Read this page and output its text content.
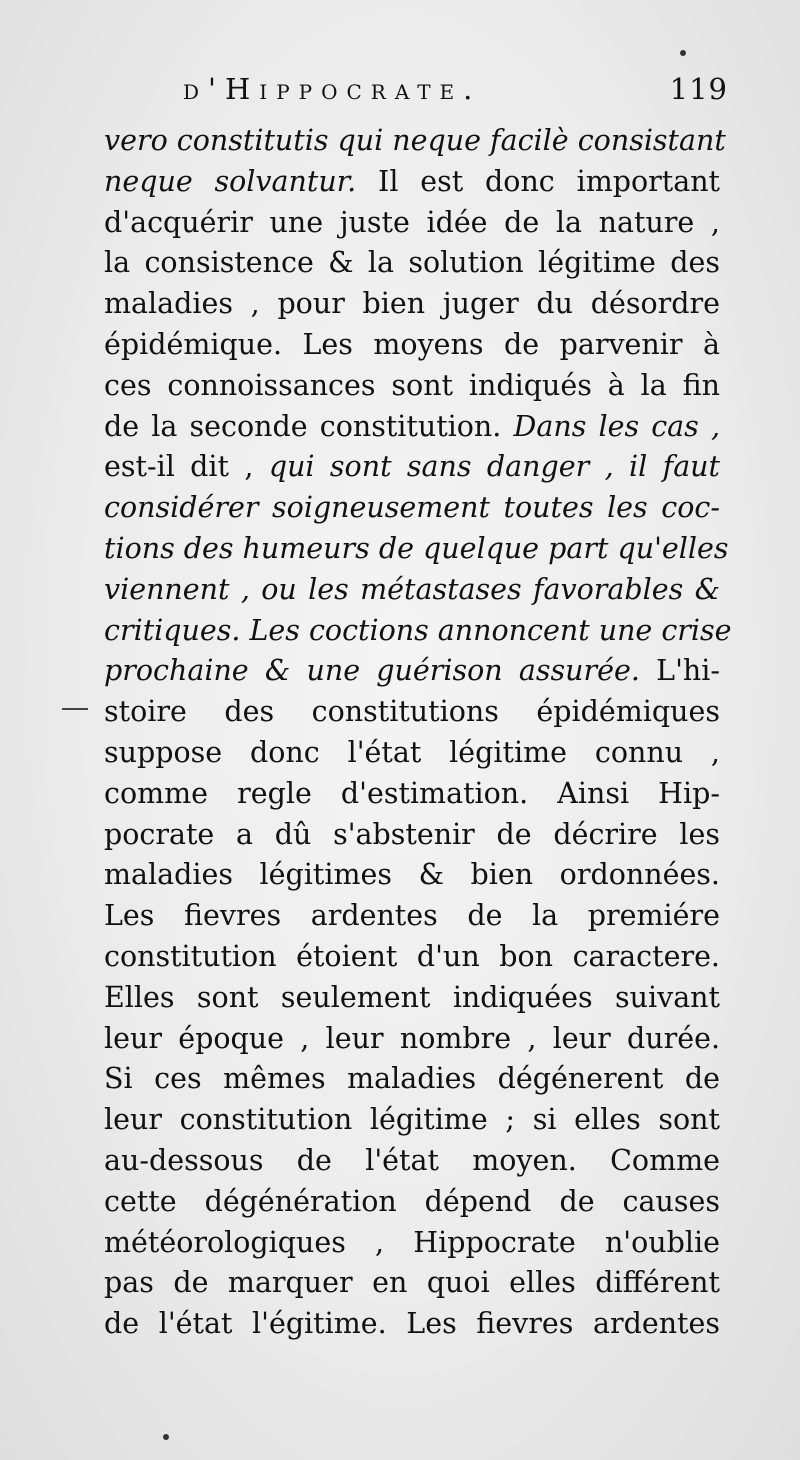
d'Hippocrate.	119
vero constitutis qui neque facilè consistant
neque solvantur. Il est donc important
d'acquérir une juste idée de la nature ,
la consistence & la solution légitime des
maladies , pour bien juger du désordre
épidémique. Les moyens de parvenir à
ces connoissances sont indiqués à la fin
de la seconde constitution. Dans les cas ,
est-il dit , qui sont sans danger , il faut
considérer soigneusement toutes les coc-
tions des humeurs de quelque part qu'elles
viennent , ou les métastases favorables &
critiques. Les coctions annoncent une crise
prochaine & une guérison assurée. L'hi-
stoire des constitutions épidémiques
suppose donc l'état légitime connu ,
comme regle d'estimation. Ainsi Hip-
pocrate a dû s'abstenir de décrire les
maladies légitimes & bien ordonnées.
Les fievres ardentes de la premiére
constitution étoient d'un bon caractere.
Elles sont seulement indiquées suivant
leur époque , leur nombre , leur durée.
Si ces mêmes maladies dégénerent de
leur constitution légitime ; si elles sont
au-dessous de l'état moyen. Comme
cette dégénération dépend de causes
météorologiques , Hippocrate n'oublie
pas de marquer en quoi elles différent
de l'état l'égitime. Les fievres ardentes
